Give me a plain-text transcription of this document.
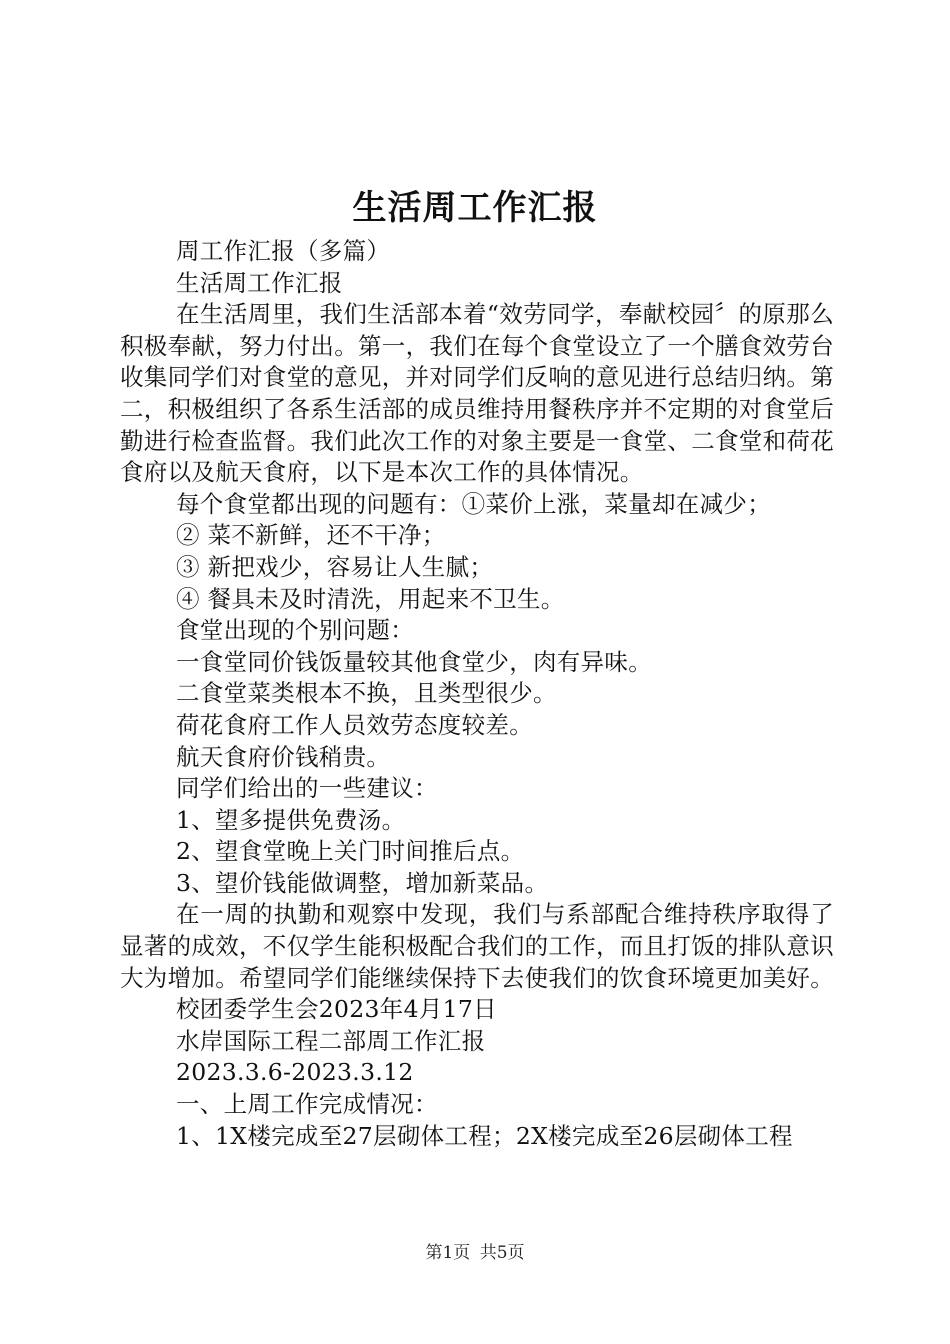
生活周工作汇报

周工作汇报（多篇）

生活周工作汇报

在生活周里，我们生活部本着“效劳同学，奉献校园〞的原那么积极奉献，努力付出。第一，我们在每个食堂设立了一个膳食效劳台收集同学们对食堂的意见，并对同学们反响的意见进行总结归纳。第二，积极组织了各系生活部的成员维持用餐秩序并不定期的对食堂后勤进行检查监督。我们此次工作的对象主要是一食堂、二食堂和荷花食府以及航天食府，以下是本次工作的具体情况。

每个食堂都出现的问题有：①菜价上涨，菜量却在减少；

② 菜不新鲜，还不干净；

③ 新把戏少，容易让人生腻；

④ 餐具未及时清洗，用起来不卫生。

食堂出现的个别问题：

一食堂同价钱饭量较其他食堂少，肉有异味。

二食堂菜类根本不换，且类型很少。

荷花食府工作人员效劳态度较差。

航天食府价钱稍贵。

同学们给出的一些建议：

1、望多提供免费汤。

2、望食堂晚上关门时间推后点。

3、望价钱能做调整，增加新菜品。

在一周的执勤和观察中发现，我们与系部配合维持秩序取得了显著的成效，不仅学生能积极配合我们的工作，而且打饭的排队意识大为增加。希望同学们能继续保持下去使我们的饮食环境更加美好。

校团委学生会2023年4月17日

水岸国际工程二部周工作汇报

2023.3.6-2023.3.12

一、上周工作完成情况：

1、1X楼完成至27层砌体工程；2X楼完成至26层砌体工程

第1页 共5页
